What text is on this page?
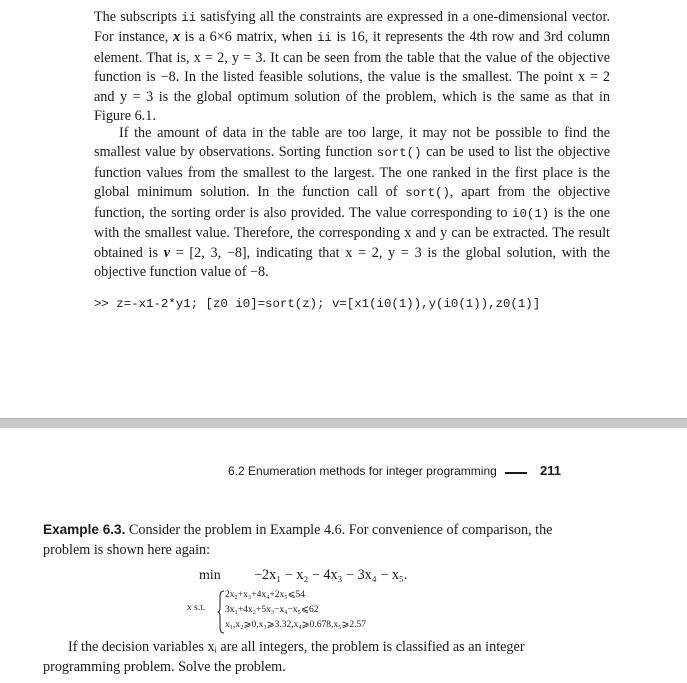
The subscripts ii satisfying all the constraints are expressed in a one-dimensional vector. For instance, x is a 6×6 matrix, when ii is 16, it represents the 4th row and 3rd column element. That is, x = 2, y = 3. It can be seen from the table that the value of the objective function is −8. In the listed feasible solutions, the value is the smallest. The point x = 2 and y = 3 is the global optimum solution of the problem, which is the same as that in Figure 6.1.

If the amount of data in the table are too large, it may not be possible to find the smallest value by observations. Sorting function sort() can be used to list the objective function values from the smallest to the largest. The one ranked in the first place is the global minimum solution. In the function call of sort(), apart from the objective function, the sorting order is also provided. The value corresponding to i0(1) is the one with the smallest value. Therefore, the corresponding x and y can be extracted. The result obtained is v = [2, 3, −8], indicating that x = 2, y = 3 is the global solution, with the objective function value of −8.

>> z=-x1-2*y1; [z0 i0]=sort(z); v=[x1(i0(1)),y(i0(1)),z0(1)]
6.2 Enumeration methods for integer programming	211

Example 6.3. Consider the problem in Example 4.6. For convenience of comparison, the problem is shown here again:

min −2x₁ − x₂ − 4x₃ − 3x₄ − x₅.
x s.t.
2x₂+x₃+4x₄+2x₅⩽54
3x₁+4x₂+5x₃−x₄−x₅⩽62
x₁,x₂⩾0,x₃⩾3.32,x₄⩾0.678,x₅⩾2.57

If the decision variables xᵢ are all integers, the problem is classified as an integer programming problem. Solve the problem.
